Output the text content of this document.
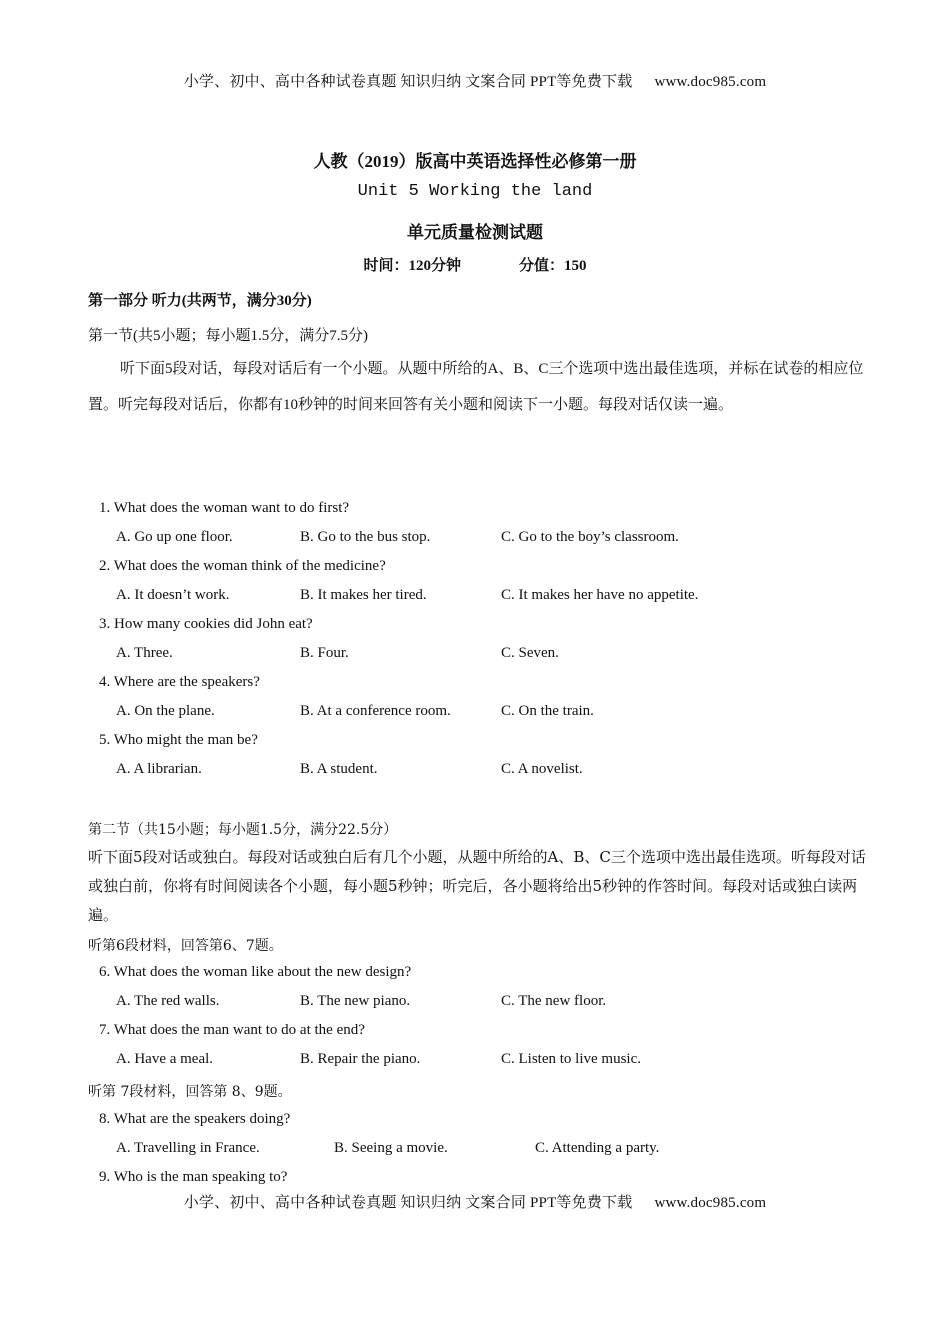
小学、初中、高中各种试卷真题 知识归纳 文案合同 PPT等免费下载 www.doc985.com
人教（2019）版高中英语选择性必修第一册
Unit 5 Working the land
单元质量检测试题
时间：120分钟	分值：150
第一部分 听力(共两节，满分30分)
第一节(共5小题；每小题1.5分，满分7.5分)
听下面5段对话，每段对话后有一个小题。从题中所给的A、B、C三个选项中选出最佳选项，并标在试卷的相应位置。听完每段对话后，你都有10秒钟的时间来回答有关小题和阅读下一小题。每段对话仅读一遍。
1. What does the woman want to do first?
A. Go up one floor.	B. Go to the bus stop.	C. Go to the boy’s classroom.
2. What does the woman think of the medicine?
A. It doesn’t work.	B. It makes her tired.	C. It makes her have no appetite.
3. How many cookies did John eat?
A. Three.	B. Four.	C. Seven.
4. Where are the speakers?
A. On the plane.	B. At a conference room.	C. On the train.
5. Who might the man be?
A. A librarian.	B. A student.	C. A novelist.
第二节（共15小题；每小题1.5分，满分22.5分）
听下面5段对话或独白。每段对话或独白后有几个小题，从题中所给的A、B、C三个选项中选出最佳选项。听每段对话或独白前，你将有时间阅读各个小题，每小题5秒钟；听完后，各小题将给出5秒钟的作答时间。每段对话或独白读两遍。
听第6段材料，回答第6、7题。
6. What does the woman like about the new design?
A. The red walls.	B. The new piano.	C. The new floor.
7. What does the man want to do at the end?
A. Have a meal.	B. Repair the piano.	C. Listen to live music.
听第 7段材料，回答第 8、9题。
8. What are the speakers doing?
A. Travelling in France.	B. Seeing a movie.	C. Attending a party.
9. Who is the man speaking to?
小学、初中、高中各种试卷真题 知识归纳 文案合同 PPT等免费下载 www.doc985.com
